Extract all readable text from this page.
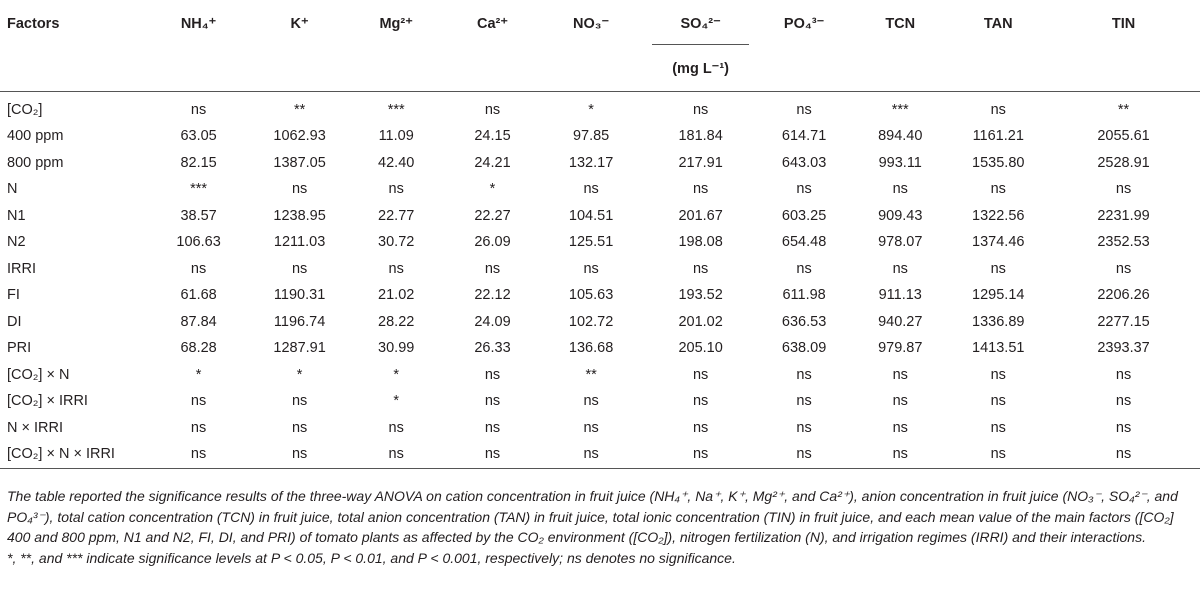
Factors	NH₄⁺	K⁺	Mg²⁺	Ca²⁺	NO₃⁻	SO₄²⁻	PO₄³⁻	TCN	TAN	TIN
						(mg L⁻¹)				
[CO₂]	ns	**	***	ns	*	ns	ns	***	ns	**
400 ppm	63.05	1062.93	11.09	24.15	97.85	181.84	614.71	894.40	1161.21	2055.61
800 ppm	82.15	1387.05	42.40	24.21	132.17	217.91	643.03	993.11	1535.80	2528.91
N	***	ns	ns	*	ns	ns	ns	ns	ns	ns
N1	38.57	1238.95	22.77	22.27	104.51	201.67	603.25	909.43	1322.56	2231.99
N2	106.63	1211.03	30.72	26.09	125.51	198.08	654.48	978.07	1374.46	2352.53
IRRI	ns	ns	ns	ns	ns	ns	ns	ns	ns	ns
FI	61.68	1190.31	21.02	22.12	105.63	193.52	611.98	911.13	1295.14	2206.26
DI	87.84	1196.74	28.22	24.09	102.72	201.02	636.53	940.27	1336.89	2277.15
PRI	68.28	1287.91	30.99	26.33	136.68	205.10	638.09	979.87	1413.51	2393.37
[CO₂] × N	*	*	*	ns	**	ns	ns	ns	ns	ns
[CO₂] × IRRI	ns	ns	*	ns	ns	ns	ns	ns	ns	ns
N × IRRI	ns	ns	ns	ns	ns	ns	ns	ns	ns	ns
[CO₂] × N × IRRI	ns	ns	ns	ns	ns	ns	ns	ns	ns	ns

The table reported the significance results of the three-way ANOVA on cation concentration in fruit juice (NH₄⁺, Na⁺, K⁺, Mg²⁺, and Ca²⁺), anion concentration in fruit juice (NO₃⁻, SO₄²⁻, and PO₄³⁻), total cation concentration (TCN) in fruit juice, total anion concentration (TAN) in fruit juice, total ionic concentration (TIN) in fruit juice, and each mean value of the main factors ([CO₂] 400 and 800 ppm, N1 and N2, FI, DI, and PRI) of tomato plants as affected by the CO₂ environment ([CO₂]), nitrogen fertilization (N), and irrigation regimes (IRRI) and their interactions.

*, **, and *** indicate significance levels at P < 0.05, P < 0.01, and P < 0.001, respectively; ns denotes no significance.
